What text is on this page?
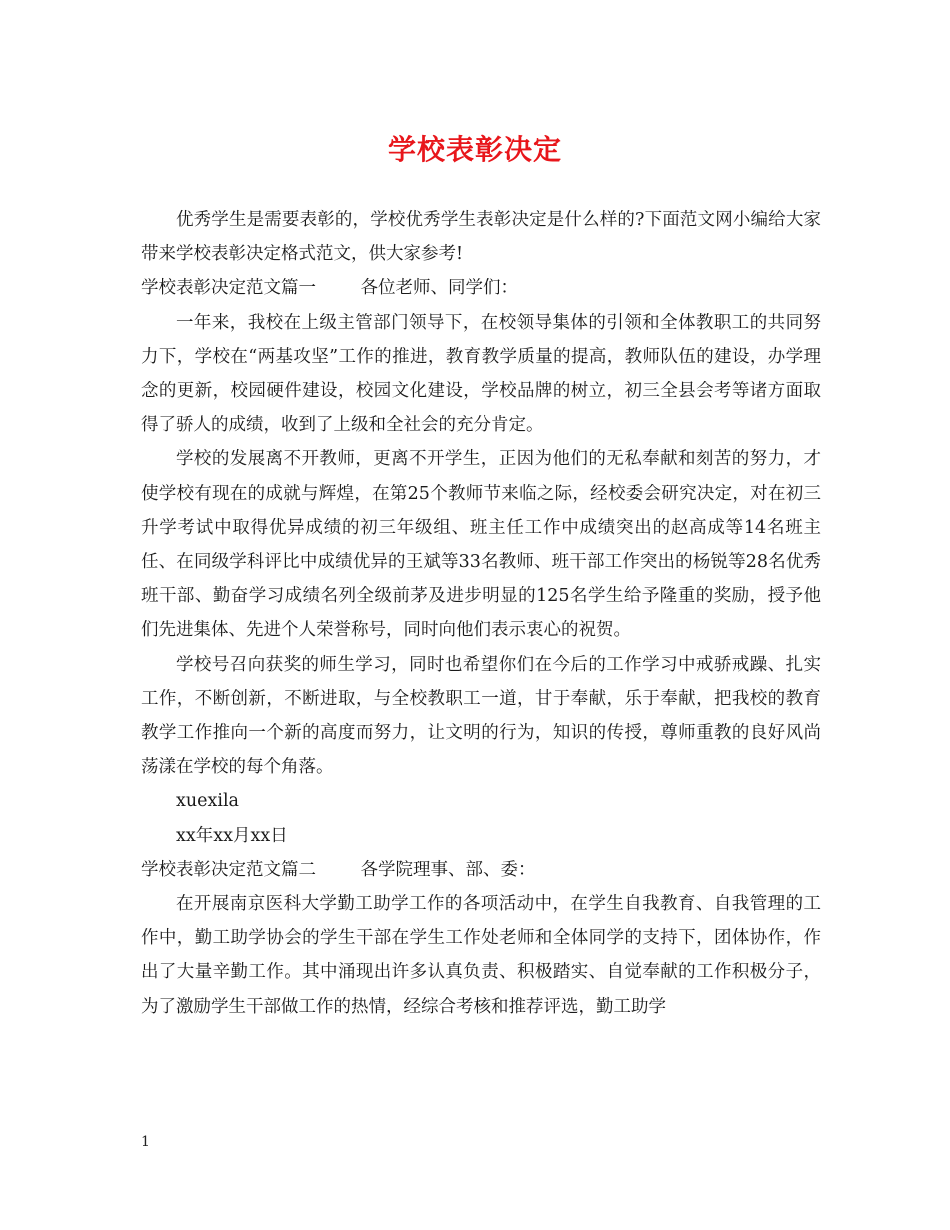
学校表彰决定

优秀学生是需要表彰的，学校优秀学生表彰决定是什么样的?下面范文网小编给大家带来学校表彰决定格式范文，供大家参考!

学校表彰决定范文篇一	各位老师、同学们：

一年来，我校在上级主管部门领导下，在校领导集体的引领和全体教职工的共同努力下，学校在“两基攻坚”工作的推进，教育教学质量的提高，教师队伍的建设，办学理念的更新，校园硬件建设，校园文化建设，学校品牌的树立，初三全县会考等诸方面取得了骄人的成绩，收到了上级和全社会的充分肯定。

学校的发展离不开教师，更离不开学生，正因为他们的无私奉献和刻苦的努力，才使学校有现在的成就与辉煌，在第25个教师节来临之际，经校委会研究决定，对在初三升学考试中取得优异成绩的初三年级组、班主任工作中成绩突出的赵高成等14名班主任、在同级学科评比中成绩优异的王斌等33名教师、班干部工作突出的杨锐等28名优秀班干部、勤奋学习成绩名列全级前茅及进步明显的125名学生给予隆重的奖励，授予他们先进集体、先进个人荣誉称号，同时向他们表示衷心的祝贺。

学校号召向获奖的师生学习，同时也希望你们在今后的工作学习中戒骄戒躁、扎实工作，不断创新，不断进取，与全校教职工一道，甘于奉献，乐于奉献，把我校的教育教学工作推向一个新的高度而努力，让文明的行为，知识的传授，尊师重教的良好风尚荡漾在学校的每个角落。

xuexila

xx年xx月xx日

学校表彰决定范文篇二	各学院理事、部、委：

在开展南京医科大学勤工助学工作的各项活动中，在学生自我教育、自我管理的工作中，勤工助学协会的学生干部在学生工作处老师和全体同学的支持下，团体协作，作出了大量辛勤工作。其中涌现出许多认真负责、积极踏实、自觉奉献的工作积极分子，为了激励学生干部做工作的热情，经综合考核和推荐评选，勤工助学

1
